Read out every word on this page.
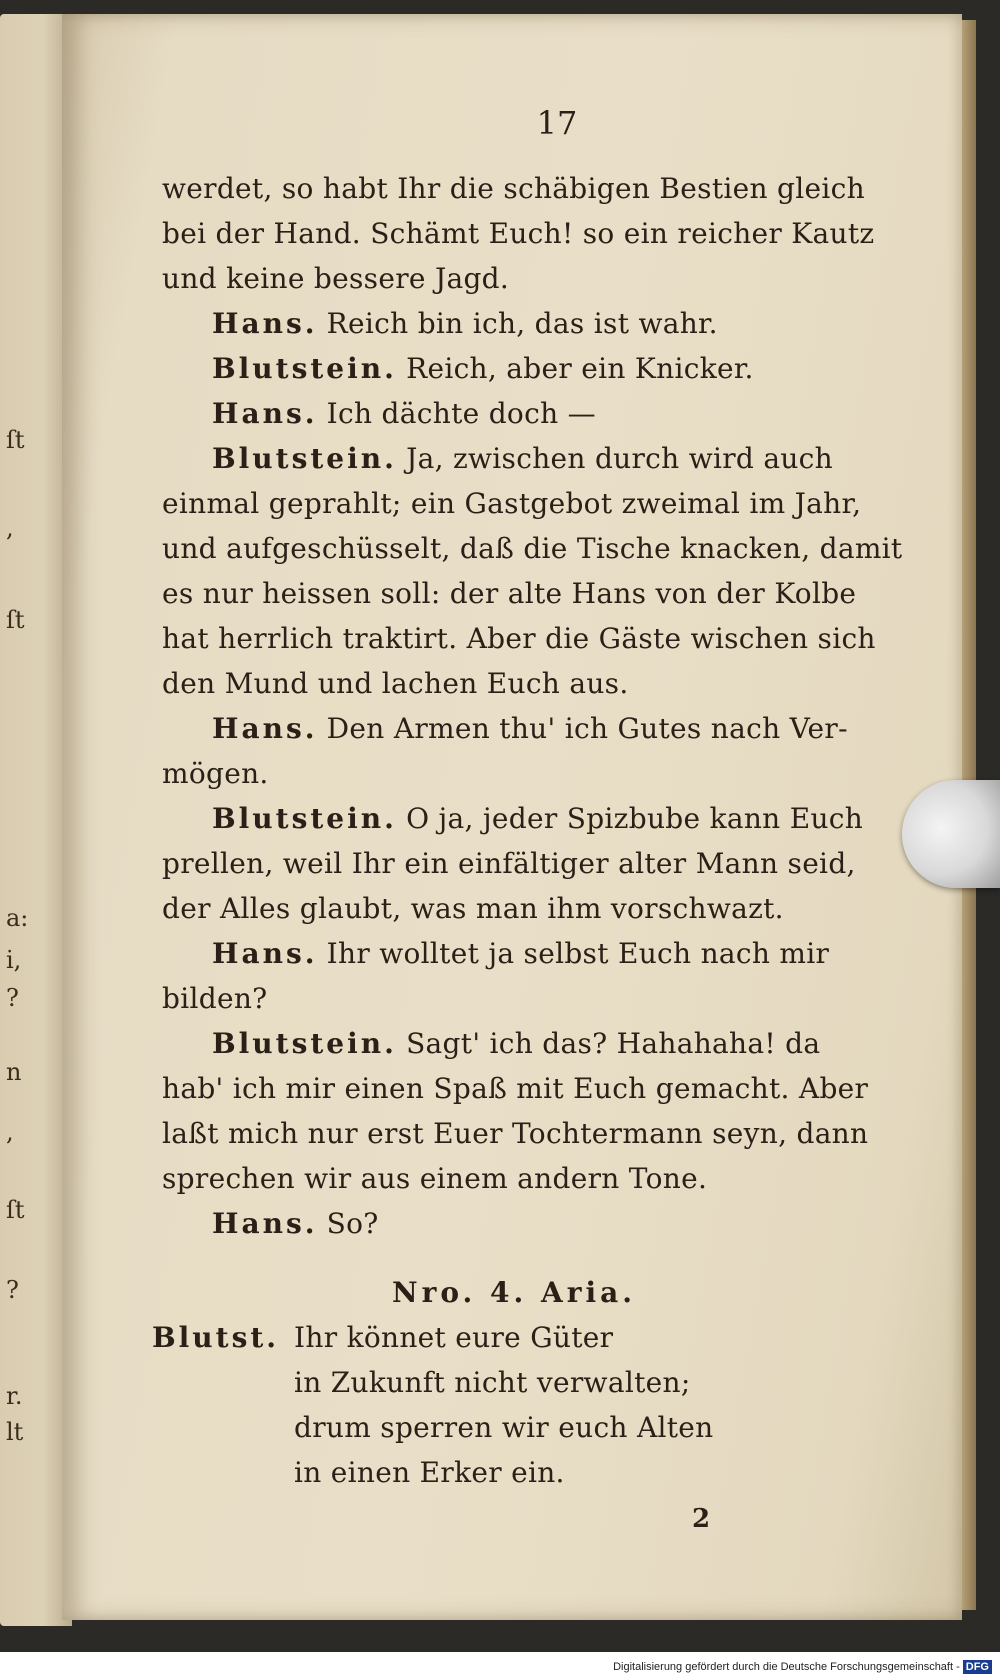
ſt
,
ſt
a:
i,
?
n
,
ſt
?
r.
lt
17
werdet, so habt Ihr die schäbigen Bestien gleich
bei der Hand. Schämt Euch! so ein reicher Kautz
und keine bessere Jagd.
Hans. Reich bin ich, das ist wahr.
Blutstein. Reich, aber ein Knicker.
Hans. Ich dächte doch —
Blutstein. Ja, zwischen durch wird auch
einmal geprahlt; ein Gastgebot zweimal im Jahr,
und aufgeschüsselt, daß die Tische knacken, damit
es nur heissen soll: der alte Hans von der Kolbe
hat herrlich traktirt. Aber die Gäste wischen sich
den Mund und lachen Euch aus.
Hans. Den Armen thu' ich Gutes nach Ver-
mögen.
Blutstein. O ja, jeder Spizbube kann Euch
prellen, weil Ihr ein einfältiger alter Mann seid,
der Alles glaubt, was man ihm vorschwazt.
Hans. Ihr wolltet ja selbst Euch nach mir
bilden?
Blutstein. Sagt' ich das? Hahahaha! da
hab' ich mir einen Spaß mit Euch gemacht. Aber
laßt mich nur erst Euer Tochtermann seyn, dann
sprechen wir aus einem andern Tone.
Hans. So?
Nro. 4. Aria.
Blutst. Ihr könnet eure Güter
in Zukunft nicht verwalten;
drum sperren wir euch Alten
in einen Erker ein.
2
Digitalisierung gefördert durch die Deutsche Forschungsgemeinschaft - DFG
